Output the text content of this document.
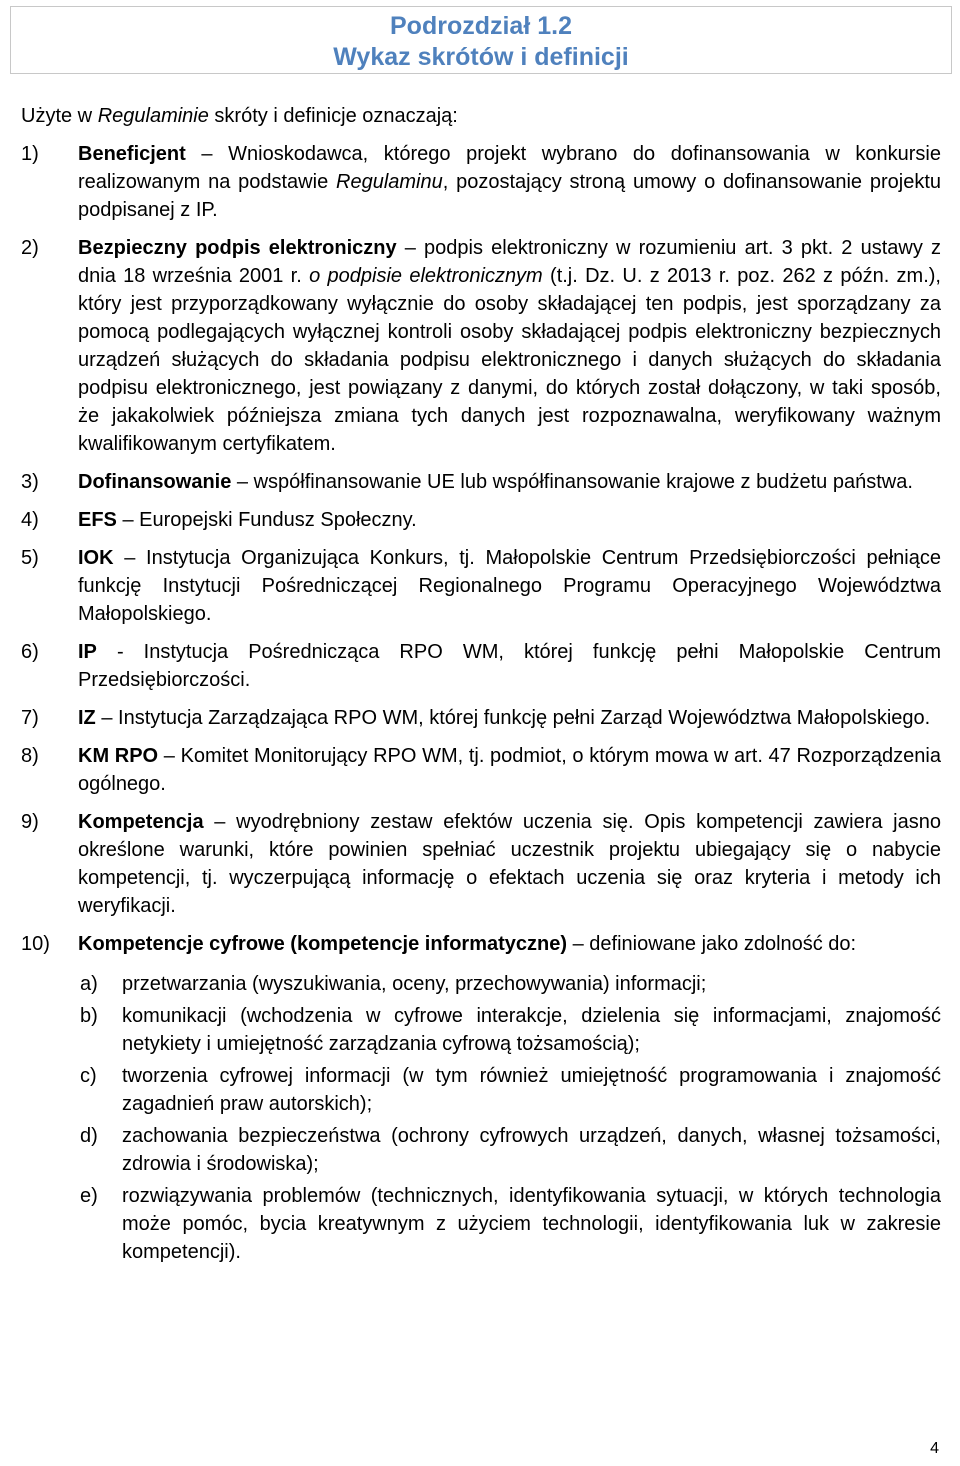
Podrozdział 1.2
Wykaz skrótów i definicji
Użyte w Regulaminie skróty i definicje oznaczają:
1)	Beneficjent – Wnioskodawca, którego projekt wybrano do dofinansowania w konkursie realizowanym na podstawie Regulaminu, pozostający stroną umowy o dofinansowanie projektu podpisanej z IP.
2)	Bezpieczny podpis elektroniczny – podpis elektroniczny w rozumieniu art. 3 pkt. 2 ustawy z dnia 18 września 2001 r. o podpisie elektronicznym (t.j. Dz. U. z 2013 r. poz. 262 z późn. zm.), który jest przyporządkowany wyłącznie do osoby składającej ten podpis, jest sporządzany za pomocą podlegających wyłącznej kontroli osoby składającej podpis elektroniczny bezpiecznych urządzeń służących do składania podpisu elektronicznego i danych służących do składania podpisu elektronicznego, jest powiązany z danymi, do których został dołączony, w taki sposób, że jakakolwiek późniejsza zmiana tych danych jest rozpoznawalna, weryfikowany ważnym kwalifikowanym certyfikatem.
3)	Dofinansowanie – współfinansowanie UE lub współfinansowanie krajowe z budżetu państwa.
4)	EFS – Europejski Fundusz Społeczny.
5)	IOK – Instytucja Organizująca Konkurs, tj. Małopolskie Centrum Przedsiębiorczości pełniące funkcję Instytucji Pośredniczącej Regionalnego Programu Operacyjnego Województwa Małopolskiego.
6)	IP - Instytucja Pośrednicząca RPO WM, której funkcję pełni Małopolskie Centrum Przedsiębiorczości.
7)	IZ – Instytucja Zarządzająca RPO WM, której funkcję pełni Zarząd Województwa Małopolskiego.
8)	KM RPO – Komitet Monitorujący RPO WM, tj. podmiot, o którym mowa w art. 47 Rozporządzenia ogólnego.
9)	Kompetencja – wyodrębniony zestaw efektów uczenia się. Opis kompetencji zawiera jasno określone warunki, które powinien spełniać uczestnik projektu ubiegający się o nabycie kompetencji, tj. wyczerpującą informację o efektach uczenia się oraz kryteria i metody ich weryfikacji.
10)	Kompetencje cyfrowe (kompetencje informatyczne) – definiowane jako zdolność do:
a)	przetwarzania (wyszukiwania, oceny, przechowywania) informacji;
b)	komunikacji (wchodzenia w cyfrowe interakcje, dzielenia się informacjami, znajomość netykiety i umiejętność zarządzania cyfrową tożsamością);
c)	tworzenia cyfrowej informacji (w tym również umiejętność programowania i znajomość zagadnień praw autorskich);
d)	zachowania bezpieczeństwa (ochrony cyfrowych urządzeń, danych, własnej tożsamości, zdrowia i środowiska);
e)	rozwiązywania problemów (technicznych, identyfikowania sytuacji, w których technologia może pomóc, bycia kreatywnym z użyciem technologii, identyfikowania luk w zakresie kompetencji).
4
